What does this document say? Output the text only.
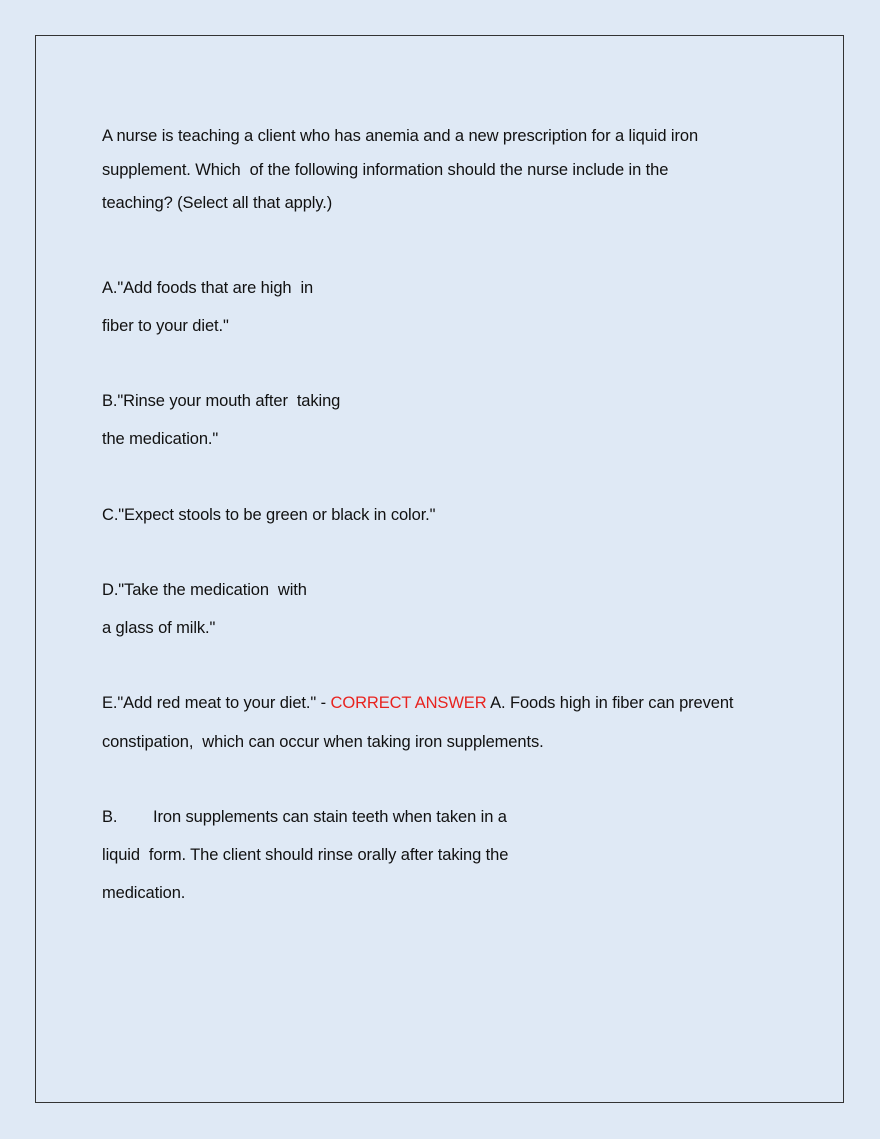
A nurse is teaching a client who has anemia and a new prescription for a liquid iron
supplement. Which  of the following information should the nurse include in the
teaching? (Select all that apply.)
A."Add foods that are high  in
fiber to your diet."
B."Rinse your mouth after  taking
the medication."
C."Expect stools to be green or black in color."
D."Take the medication  with
a glass of milk."
E."Add red meat to your diet." - CORRECT ANSWER A. Foods high in fiber can prevent
constipation,  which can occur when taking iron supplements.
B. Iron supplements can stain teeth when taken in a
liquid  form. The client should rinse orally after taking the
medication.
